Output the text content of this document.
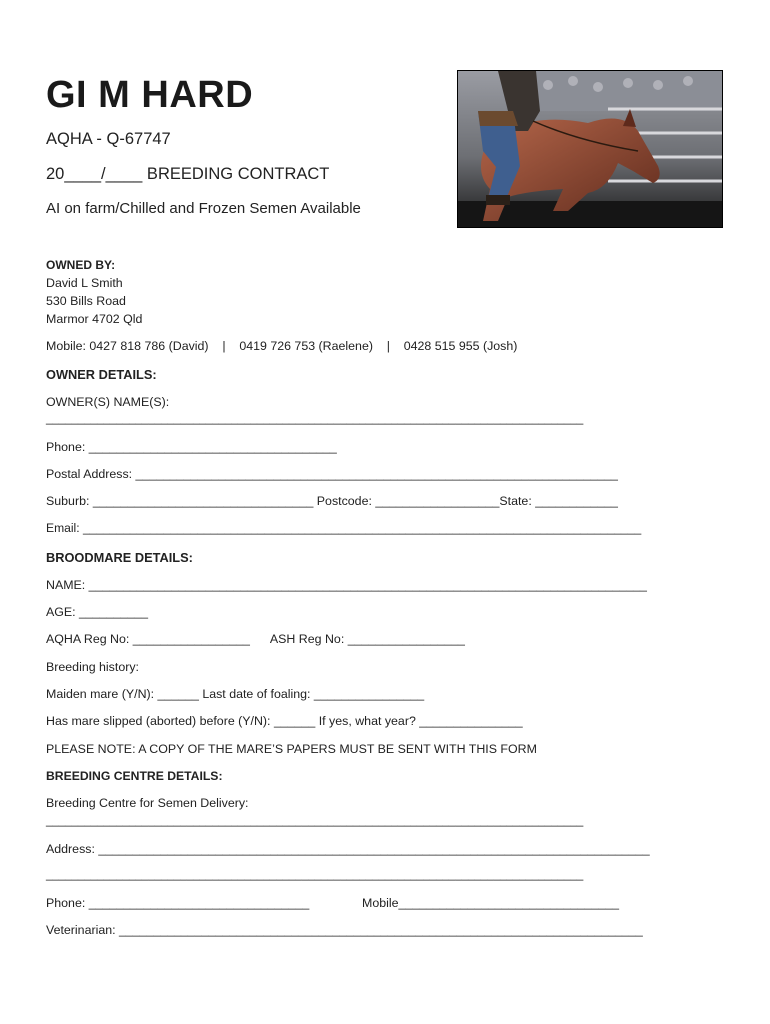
GI M HARD
AQHA - Q-67747
20____/____ BREEDING CONTRACT
AI on farm/Chilled and Frozen Semen Available
OWNED BY:
David L Smith
530 Bills Road
Marmor 4702 Qld
Mobile: 0427 818 786 (David)    |    0419 726 753 (Raelene)    |    0428 515 955 (Josh)
OWNER DETAILS:
OWNER(S) NAME(S):
____________________________________________________________________________________
Phone: ____________________________________
Postal Address: ______________________________________________________________________
Suburb: ________________________________ Postcode: __________________State: ____________
Email: ___________________________________________________________________________________
BROODMARE DETAILS:
NAME: _________________________________________________________________________________
AGE: __________
AQHA Reg No: _________________      ASH Reg No: _________________
Breeding history:
Maiden mare (Y/N): ______ Last date of foaling: ________________
Has mare slipped (aborted) before (Y/N): ______ If yes, what year? _______________
PLEASE NOTE: A COPY OF THE MARE’S PAPERS MUST BE SENT WITH THIS FORM
BREEDING CENTRE DETAILS:
Breeding Centre for Semen Delivery:
____________________________________________________________________________________
Address: ________________________________________________________________________________
____________________________________________________________________________________
Phone: ________________________________	Mobile________________________________
Veterinarian: ____________________________________________________________________________
